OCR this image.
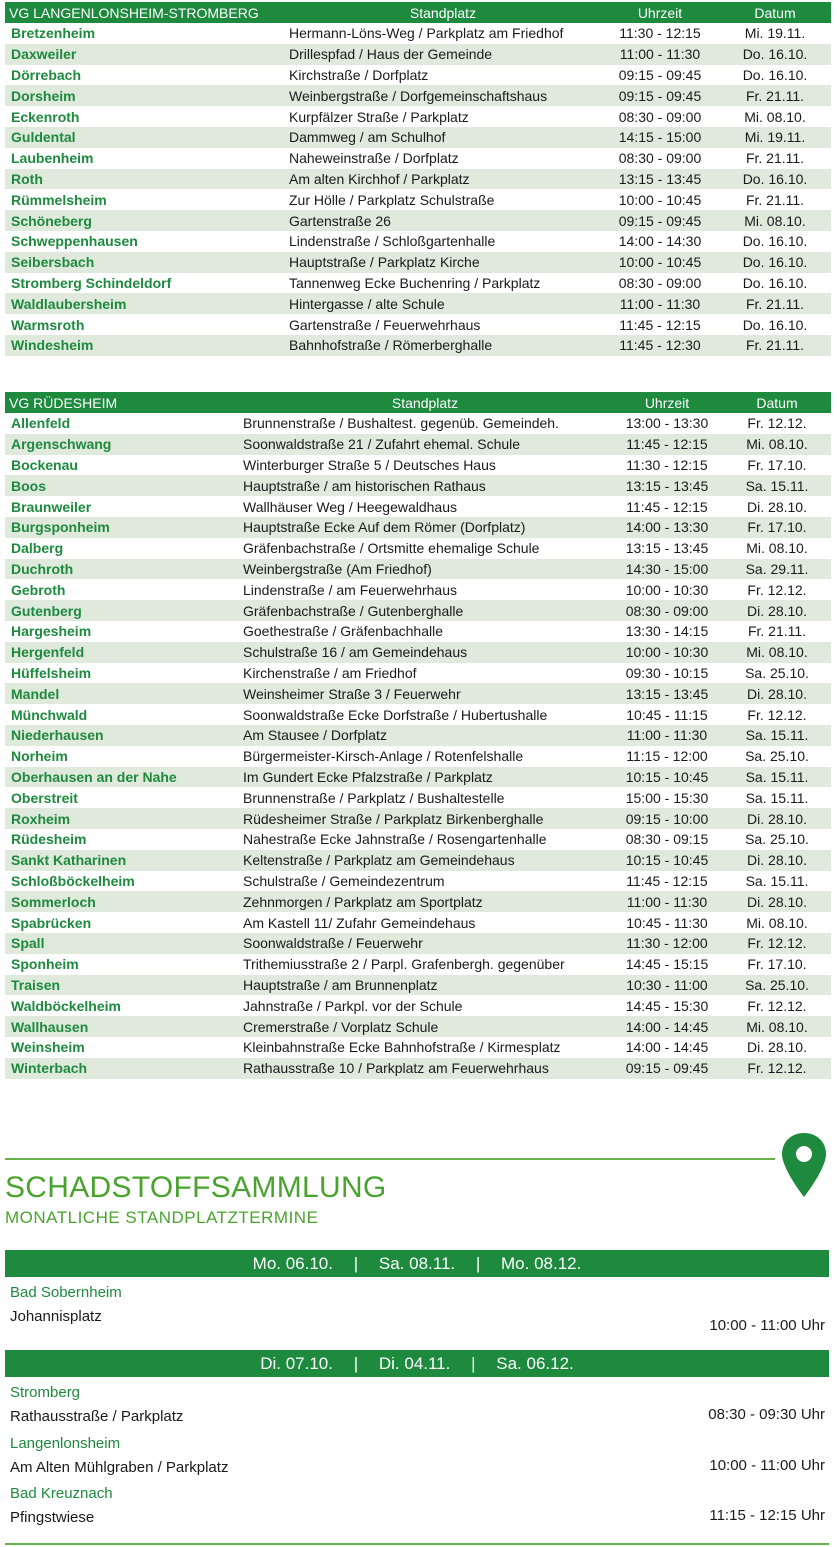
VG LANGENLONSHEIM-STROMBERG	Standplatz	Uhrzeit	Datum
Bretzenheim	Hermann-Löns-Weg / Parkplatz am Friedhof	11:30 - 12:15	Mi. 19.11.
Daxweiler	Drillespfad / Haus der Gemeinde	11:00 - 11:30	Do. 16.10.
Dörrebach	Kirchstraße / Dorfplatz	09:15 - 09:45	Do. 16.10.
Dorsheim	Weinbergstraße / Dorfgemeinschaftshaus	09:15 - 09:45	Fr. 21.11.
Eckenroth	Kurpfälzer Straße / Parkplatz	08:30 - 09:00	Mi. 08.10.
Guldental	Dammweg / am Schulhof	14:15 - 15:00	Mi. 19.11.
Laubenheim	Naheweinstraße / Dorfplatz	08:30 - 09:00	Fr. 21.11.
Roth	Am alten Kirchhof / Parkplatz	13:15 - 13:45	Do. 16.10.
Rümmelsheim	Zur Hölle / Parkplatz Schulstraße	10:00 - 10:45	Fr. 21.11.
Schöneberg	Gartenstraße 26	09:15 - 09:45	Mi. 08.10.
Schweppenhausen	Lindenstraße / Schloßgartenhalle	14:00 - 14:30	Do. 16.10.
Seibersbach	Hauptstraße / Parkplatz Kirche	10:00 - 10:45	Do. 16.10.
Stromberg Schindeldorf	Tannenweg Ecke Buchenring / Parkplatz	08:30 - 09:00	Do. 16.10.
Waldlaubersheim	Hintergasse / alte Schule	11:00 - 11:30	Fr. 21.11.
Warmsroth	Gartenstraße / Feuerwehrhaus	11:45 - 12:15	Do. 16.10.
Windesheim	Bahnhofstraße / Römerberghalle	11:45 - 12:30	Fr. 21.11.
VG RÜDESHEIM	Standplatz	Uhrzeit	Datum
Allenfeld	Brunnenstraße / Bushaltest. gegenüb. Gemeindeh.	13:00 - 13:30	Fr. 12.12.
Argenschwang	Soonwaldstraße 21 / Zufahrt ehemal. Schule	11:45 - 12:15	Mi. 08.10.
Bockenau	Winterburger Straße 5 / Deutsches Haus	11:30 - 12:15	Fr. 17.10.
Boos	Hauptstraße / am historischen Rathaus	13:15 - 13:45	Sa. 15.11.
Braunweiler	Wallhäuser Weg / Heegewaldhaus	11:45 - 12:15	Di. 28.10.
Burgsponheim	Hauptstraße Ecke Auf dem Römer (Dorfplatz)	14:00 - 13:30	Fr. 17.10.
Dalberg	Gräfenbachstraße / Ortsmitte ehemalige Schule	13:15 - 13:45	Mi. 08.10.
Duchroth	Weinbergstraße (Am Friedhof)	14:30 - 15:00	Sa. 29.11.
Gebroth	Lindenstraße / am Feuerwehrhaus	10:00 - 10:30	Fr. 12.12.
Gutenberg	Gräfenbachstraße / Gutenberghalle	08:30 - 09:00	Di. 28.10.
Hargesheim	Goethestraße / Gräfenbachhalle	13:30 - 14:15	Fr. 21.11.
Hergenfeld	Schulstraße 16 / am Gemeindehaus	10:00 - 10:30	Mi. 08.10.
Hüffelsheim	Kirchenstraße / am Friedhof	09:30 - 10:15	Sa. 25.10.
Mandel	Weinsheimer Straße 3 / Feuerwehr	13:15 - 13:45	Di. 28.10.
Münchwald	Soonwaldstraße Ecke Dorfstraße / Hubertushalle	10:45 - 11:15	Fr. 12.12.
Niederhausen	Am Stausee / Dorfplatz	11:00 - 11:30	Sa. 15.11.
Norheim	Bürgermeister-Kirsch-Anlage / Rotenfelshalle	11:15 - 12:00	Sa. 25.10.
Oberhausen an der Nahe	Im Gundert Ecke Pfalzstraße / Parkplatz	10:15 - 10:45	Sa. 15.11.
Oberstreit	Brunnenstraße / Parkplatz / Bushaltestelle	15:00 - 15:30	Sa. 15.11.
Roxheim	Rüdesheimer Straße / Parkplatz Birkenberghalle	09:15 - 10:00	Di. 28.10.
Rüdesheim	Nahestraße Ecke Jahnstraße / Rosengartenhalle	08:30 - 09:15	Sa. 25.10.
Sankt Katharinen	Keltenstraße / Parkplatz am Gemeindehaus	10:15 - 10:45	Di. 28.10.
Schloßböckelheim	Schulstraße / Gemeindezentrum	11:45 - 12:15	Sa. 15.11.
Sommerloch	Zehnmorgen / Parkplatz am Sportplatz	11:00 - 11:30	Di. 28.10.
Spabrücken	Am Kastell 11/ Zufahr Gemeindehaus	10:45 - 11:30	Mi. 08.10.
Spall	Soonwaldstraße / Feuerwehr	11:30 - 12:00	Fr. 12.12.
Sponheim	Trithemiusstraße 2 / Parpl. Grafenbergh. gegenüber	14:45 - 15:15	Fr. 17.10.
Traisen	Hauptstraße / am Brunnenplatz	10:30 - 11:00	Sa. 25.10.
Waldböckelheim	Jahnstraße / Parkpl. vor der Schule	14:45 - 15:30	Fr. 12.12.
Wallhausen	Cremerstraße / Vorplatz Schule	14:00 - 14:45	Mi. 08.10.
Weinsheim	Kleinbahnstraße Ecke Bahnhofstraße / Kirmesplatz	14:00 - 14:45	Di. 28.10.
Winterbach	Rathausstraße 10 / Parkplatz am Feuerwehrhaus	09:15 - 09:45	Fr. 12.12.
SCHADSTOFFSAMMLUNG
MONATLICHE STANDPLATZTERMINE
Mo. 06.10. | Sa. 08.11. | Mo. 08.12.
Bad Sobernheim
Johannisplatz
10:00 - 11:00 Uhr
Di. 07.10. | Di. 04.11. | Sa. 06.12.
Stromberg
Rathausstraße / Parkplatz	08:30 - 09:30 Uhr
Langenlonsheim
Am Alten Mühlgraben / Parkplatz	10:00 - 11:00 Uhr
Bad Kreuznach
Pfingstwiese	11:15 - 12:15 Uhr
